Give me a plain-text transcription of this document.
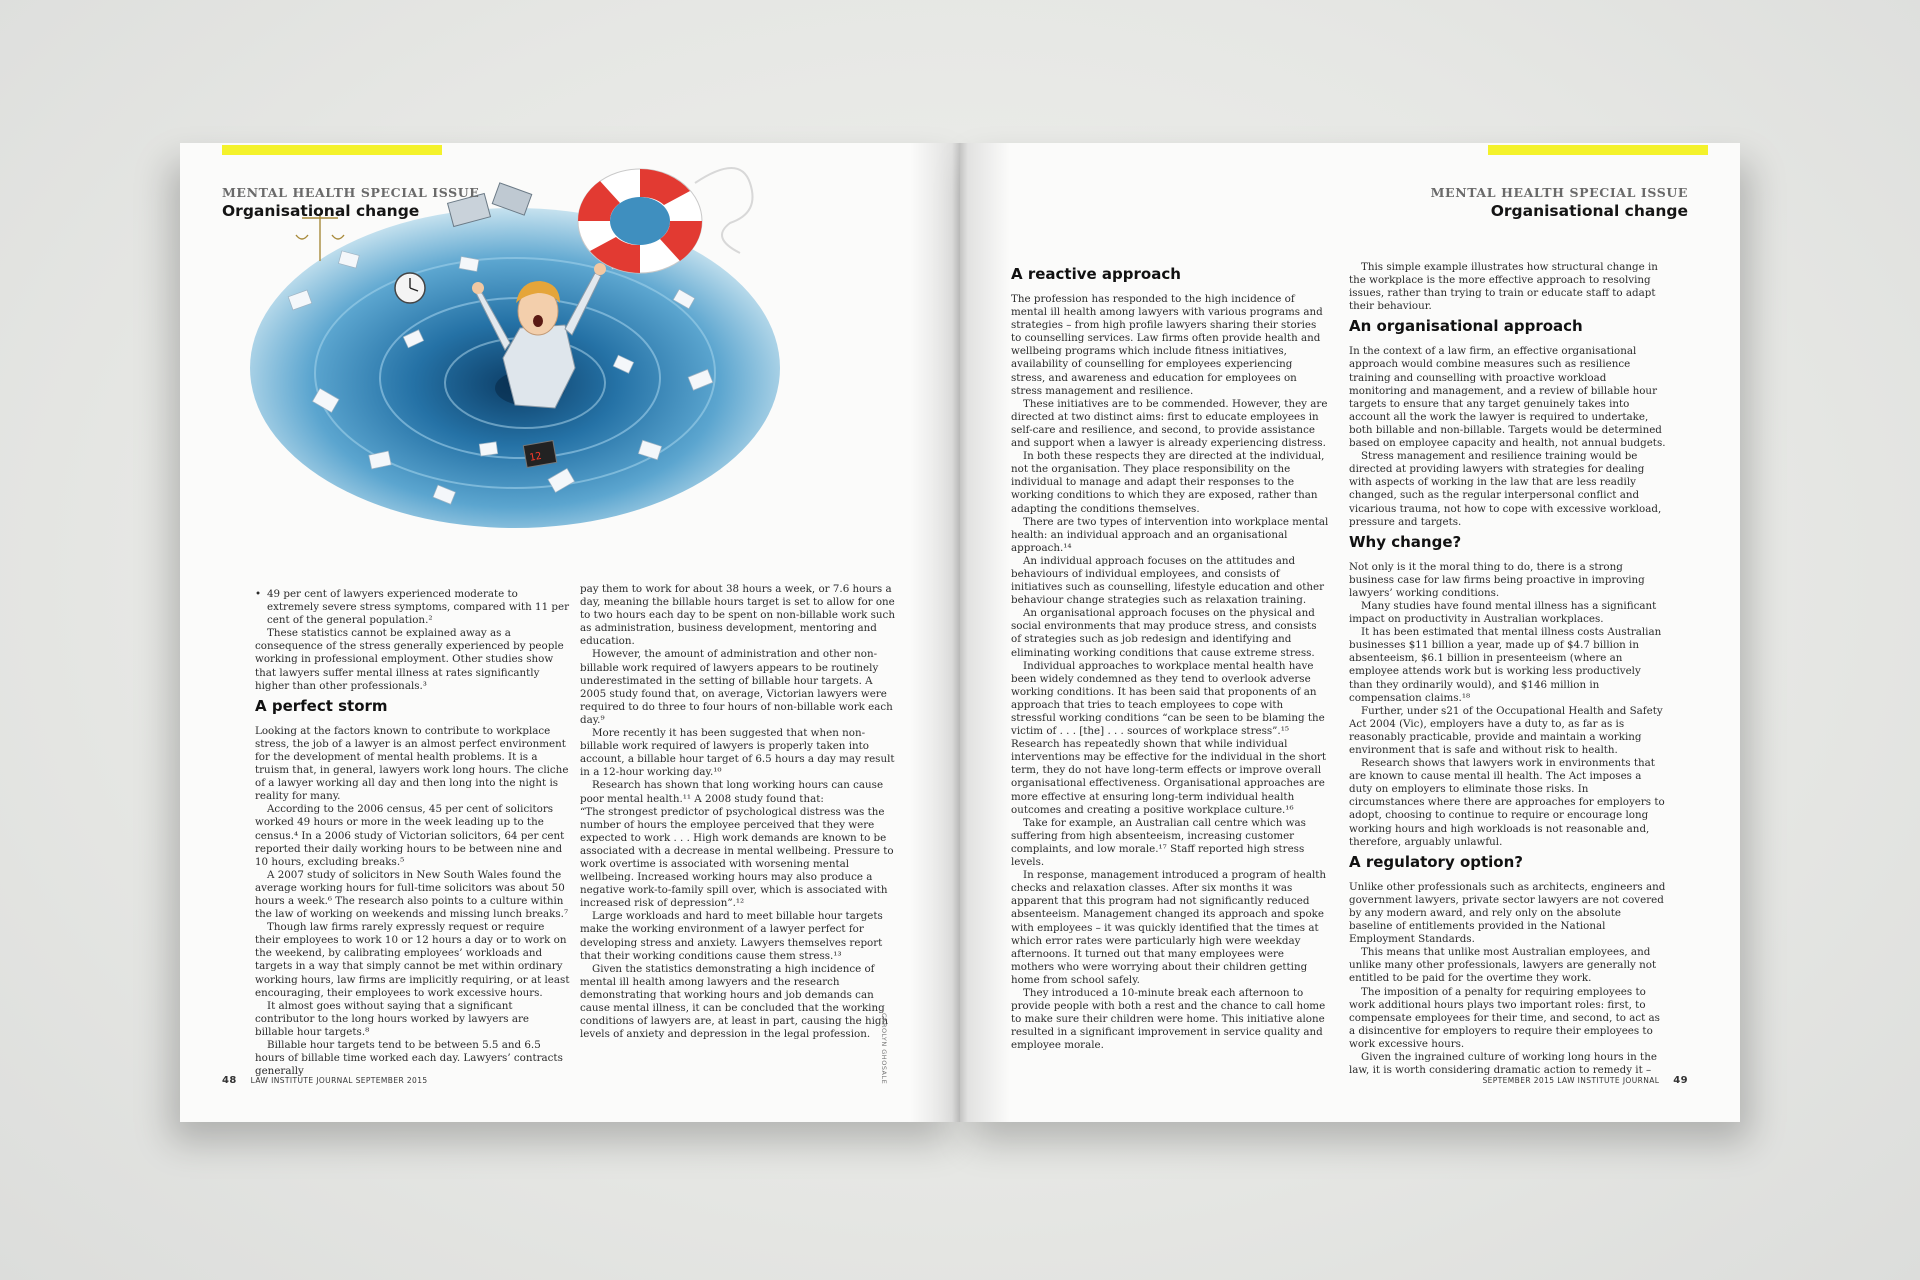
12
MENTAL HEALTH SPECIAL ISSUE
Organisational change

• 49 per cent of lawyers experienced moderate to extremely severe stress symptoms, compared with 11 per cent of the general population.²

These statistics cannot be explained away as a consequence of the stress generally experienced by people working in professional employment. Other studies show that lawyers suffer mental illness at rates significantly higher than other professionals.³

A perfect storm

Looking at the factors known to contribute to workplace stress, the job of a lawyer is an almost perfect environment for the development of mental health problems. It is a truism that, in general, lawyers work long hours. The cliche of a lawyer working all day and then long into the night is reality for many.

According to the 2006 census, 45 per cent of solicitors worked 49 hours or more in the week leading up to the census.⁴ In a 2006 study of Victorian solicitors, 64 per cent reported their daily working hours to be between nine and 10 hours, excluding breaks.⁵

A 2007 study of solicitors in New South Wales found the average working hours for full-time solicitors was about 50 hours a week.⁶ The research also points to a culture within the law of working on weekends and missing lunch breaks.⁷

Though law firms rarely expressly request or require their employees to work 10 or 12 hours a day or to work on the weekend, by calibrating employees’ workloads and targets in a way that simply cannot be met within ordinary working hours, law firms are implicitly requiring, or at least encouraging, their employees to work excessive hours.

It almost goes without saying that a significant contributor to the long hours worked by lawyers are billable hour targets.⁸

Billable hour targets tend to be between 5.5 and 6.5 hours of billable time worked each day. Lawyers’ contracts generally

pay them to work for about 38 hours a week, or 7.6 hours a day, meaning the billable hours target is set to allow for one to two hours each day to be spent on non-billable work such as administration, business development, mentoring and education.

However, the amount of administration and other non-billable work required of lawyers appears to be routinely underestimated in the setting of billable hour targets. A 2005 study found that, on average, Victorian lawyers were required to do three to four hours of non-billable work each day.⁹

More recently it has been suggested that when non-billable work required of lawyers is properly taken into account, a billable hour target of 6.5 hours a day may result in a 12-hour working day.¹⁰

Research has shown that long working hours can cause poor mental health.¹¹ A 2008 study found that:

“The strongest predictor of psychological distress was the number of hours the employee perceived that they were expected to work . . . High work demands are known to be associated with a decrease in mental wellbeing. Pressure to work overtime is associated with worsening mental wellbeing. Increased working hours may also produce a negative work-to-family spill over, which is associated with increased risk of depression”.¹²

Large workloads and hard to meet billable hour targets make the working environment of a lawyer perfect for developing stress and anxiety. Lawyers themselves report that their working conditions cause them stress.¹³

Given the statistics demonstrating a high incidence of mental ill health among lawyers and the research demonstrating that working hours and job demands can cause mental illness, it can be concluded that the working conditions of lawyers are, at least in part, causing the high levels of anxiety and depression in the legal profession.	CAROLYN GHOSALE
48 LAW INSTITUTE JOURNAL SEPTEMBER 2015
MENTAL HEALTH SPECIAL ISSUE
Organisational change
A reactive approach

The profession has responded to the high incidence of mental ill health among lawyers with various programs and strategies – from high profile lawyers sharing their stories to counselling services. Law firms often provide health and wellbeing programs which include fitness initiatives, availability of counselling for employees experiencing stress, and awareness and education for employees on stress management and resilience.

These initiatives are to be commended. However, they are directed at two distinct aims: first to educate employees in self-care and resilience, and second, to provide assistance and support when a lawyer is already experiencing distress.

In both these respects they are directed at the individual, not the organisation. They place responsibility on the individual to manage and adapt their responses to the working conditions to which they are exposed, rather than adapting the conditions themselves.

There are two types of intervention into workplace mental health: an individual approach and an organisational approach.¹⁴

An individual approach focuses on the attitudes and behaviours of individual employees, and consists of initiatives such as counselling, lifestyle education and other behaviour change strategies such as relaxation training.

An organisational approach focuses on the physical and social environments that may produce stress, and consists of strategies such as job redesign and identifying and eliminating working conditions that cause extreme stress.

Individual approaches to workplace mental health have been widely condemned as they tend to overlook adverse working conditions. It has been said that proponents of an approach that tries to teach employees to cope with stressful working conditions “can be seen to be blaming the victim of . . . [the] . . . sources of workplace stress”.¹⁵ Research has repeatedly shown that while individual interventions may be effective for the individual in the short term, they do not have long-term effects or improve overall organisational effectiveness. Organisational approaches are more effective at ensuring long-term individual health outcomes and creating a positive workplace culture.¹⁶

Take for example, an Australian call centre which was suffering from high absenteeism, increasing customer complaints, and low morale.¹⁷ Staff reported high stress levels.

In response, management introduced a program of health checks and relaxation classes. After six months it was apparent that this program had not significantly reduced absenteeism. Management changed its approach and spoke with employees – it was quickly identified that the times at which error rates were particularly high were weekday afternoons. It turned out that many employees were mothers who were worrying about their children getting home from school safely.

They introduced a 10-minute break each afternoon to provide people with both a rest and the chance to call home to make sure their children were home. This initiative alone resulted in a significant improvement in service quality and employee morale.

This simple example illustrates how structural change in the workplace is the more effective approach to resolving issues, rather than trying to train or educate staff to adapt their behaviour.

An organisational approach

In the context of a law firm, an effective organisational approach would combine measures such as resilience training and counselling with proactive workload monitoring and management, and a review of billable hour targets to ensure that any target genuinely takes into account all the work the lawyer is required to undertake, both billable and non-billable. Targets would be determined based on employee capacity and health, not annual budgets.

Stress management and resilience training would be directed at providing lawyers with strategies for dealing with aspects of working in the law that are less readily changed, such as the regular interpersonal conflict and vicarious trauma, not how to cope with excessive workload, pressure and targets.

Why change?

Not only is it the moral thing to do, there is a strong business case for law firms being proactive in improving lawyers’ working conditions.

Many studies have found mental illness has a significant impact on productivity in Australian workplaces.

It has been estimated that mental illness costs Australian businesses $11 billion a year, made up of $4.7 billion in absenteeism, $6.1 billion in presenteeism (where an employee attends work but is working less productively than they ordinarily would), and $146 million in compensation claims.¹⁸

Further, under s21 of the Occupational Health and Safety Act 2004 (Vic), employers have a duty to, as far as is reasonably practicable, provide and maintain a working environment that is safe and without risk to health.

Research shows that lawyers work in environments that are known to cause mental ill health. The Act imposes a duty on employers to eliminate those risks. In circumstances where there are approaches for employers to adopt, choosing to continue to require or encourage long working hours and high workloads is not reasonable and, therefore, arguably unlawful.

A regulatory option?

Unlike other professionals such as architects, engineers and government lawyers, private sector lawyers are not covered by any modern award, and rely only on the absolute baseline of entitlements provided in the National Employment Standards.

This means that unlike most Australian employees, and unlike many other professionals, lawyers are generally not entitled to be paid for the overtime they work.

The imposition of a penalty for requiring employees to work additional hours plays two important roles: first, to compensate employees for their time, and second, to act as a disincentive for employers to require their employees to work excessive hours.

Given the ingrained culture of working long hours in the law, it is worth considering dramatic action to remedy it –

SEPTEMBER 2015 LAW INSTITUTE JOURNAL 49
